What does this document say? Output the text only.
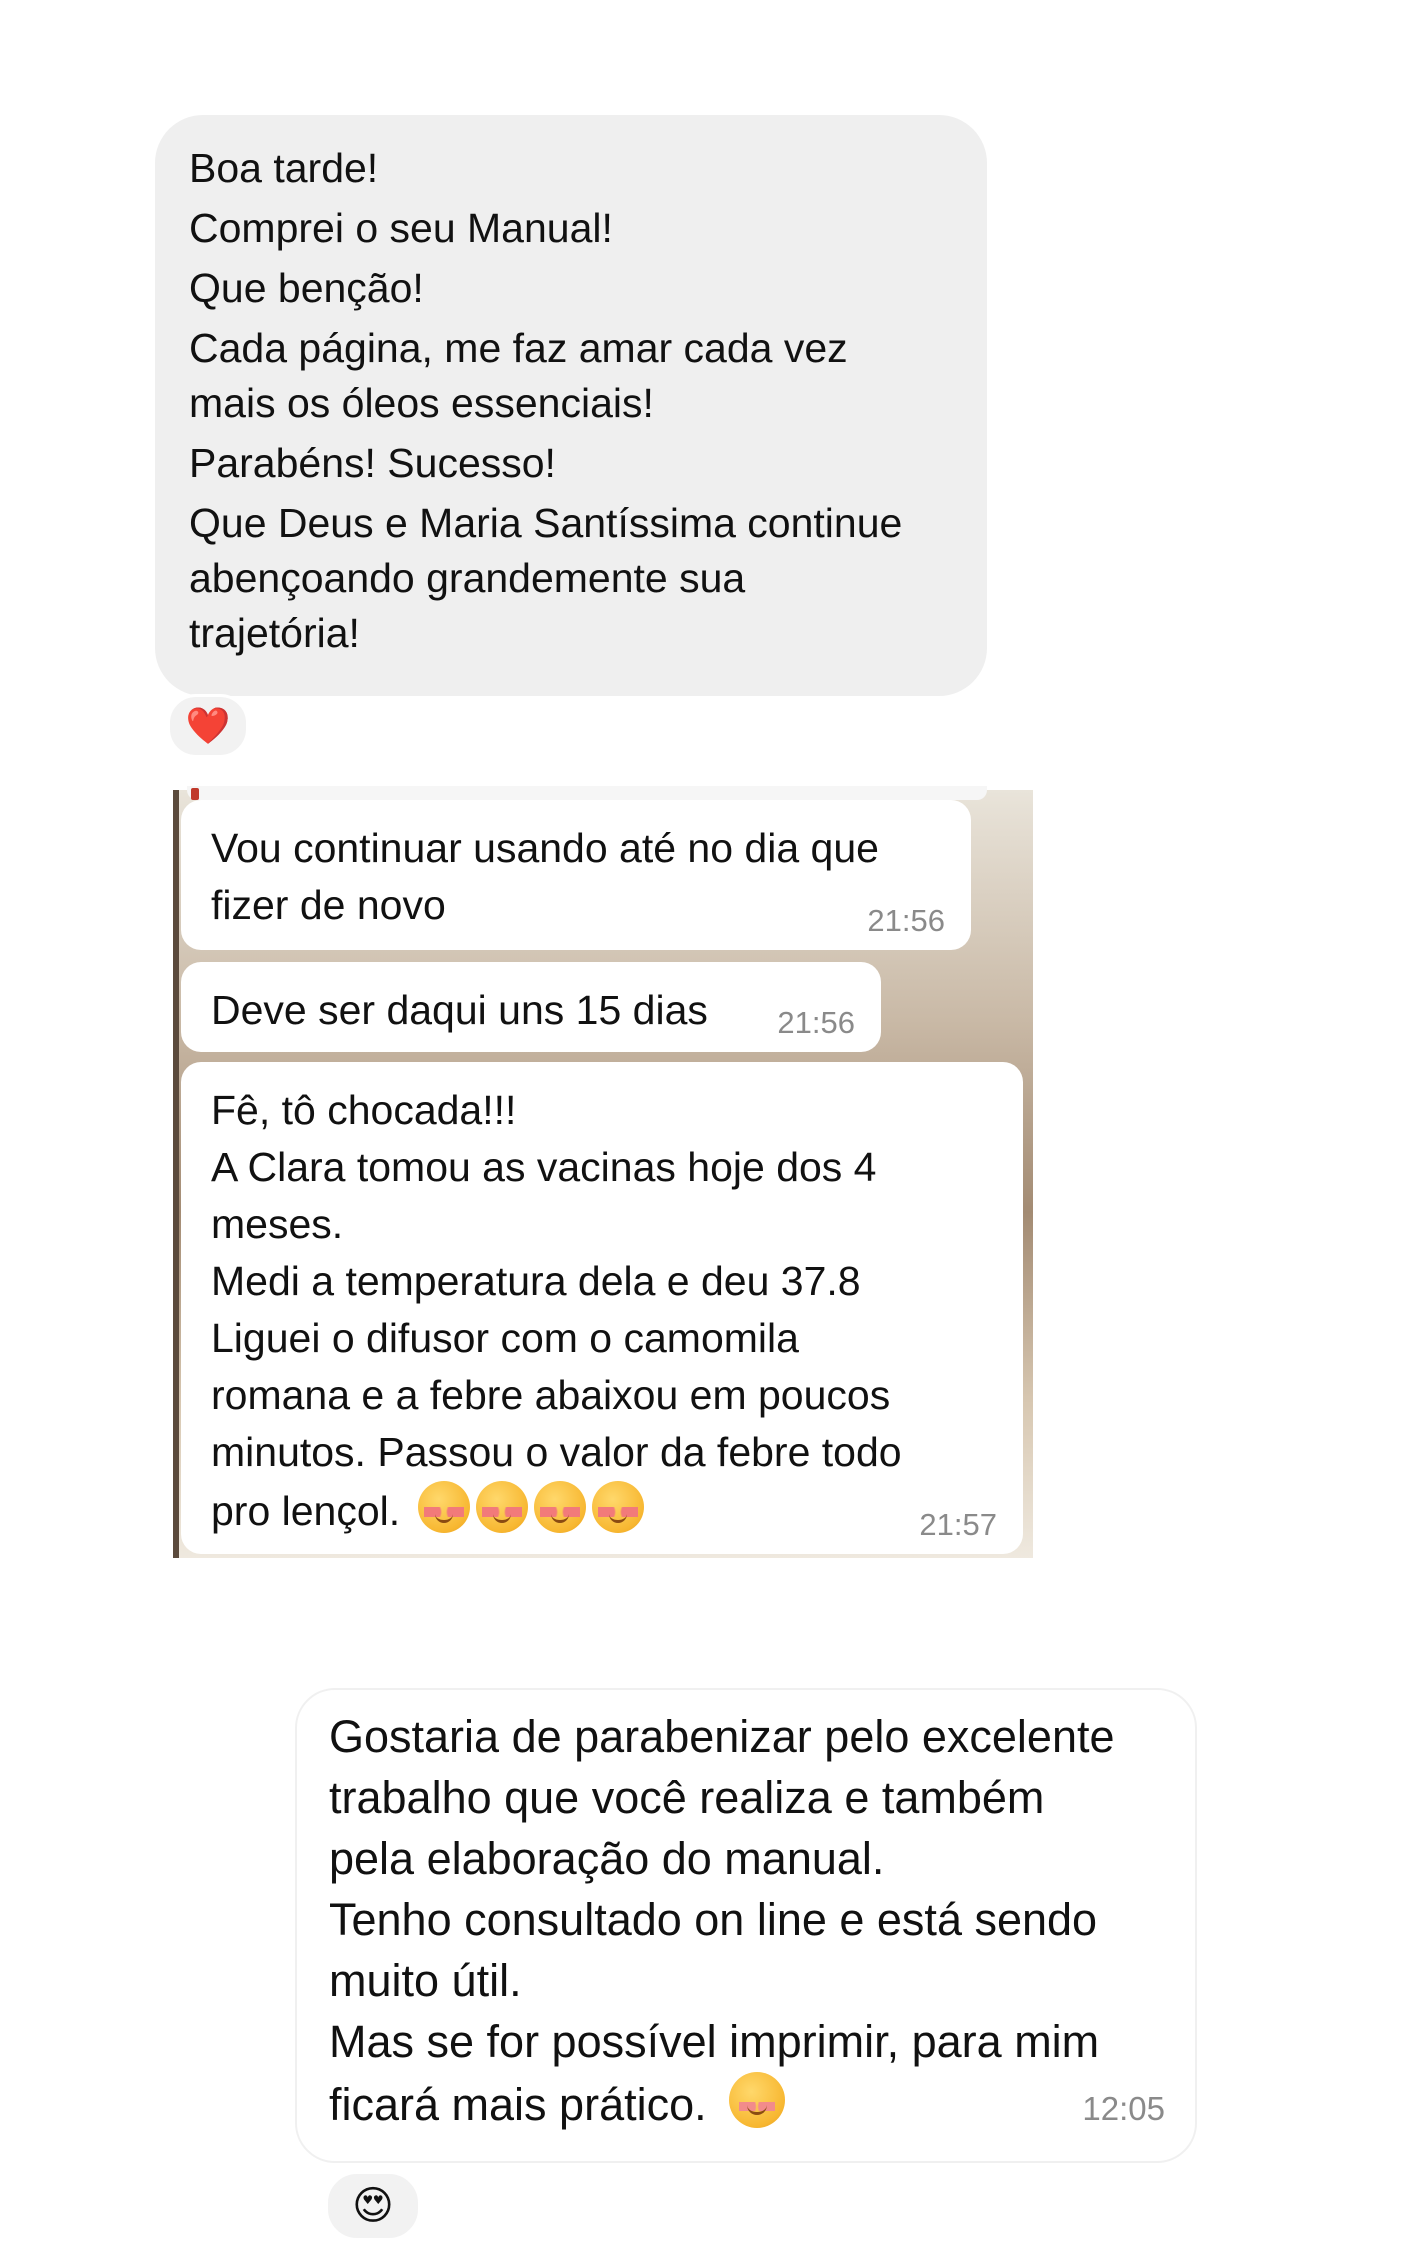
Boa tarde!
Comprei o seu Manual!
Que benção!
Cada página, me faz amar cada vez
mais os óleos essenciais!
Parabéns! Sucesso!
Que Deus e Maria Santíssima continue
abençoando grandemente sua
trajetória!
❤️
Vou continuar usando até no dia que
fizer de novo	21:56
Deve ser daqui uns 15 dias	21:56
Fê, tô chocada!!!
A Clara tomou as vacinas hoje dos 4
meses.
Medi a temperatura dela e deu 37.8
Liguei o difusor com o camomila
romana e a febre abaixou em poucos
minutos. Passou o valor da febre todo
pro lençol.	21:57
Gostaria de parabenizar pelo excelente
trabalho que você realiza e também
pela elaboração do manual.
Tenho consultado on line e está sendo
muito útil.
Mas se for possível imprimir, para mim
ficará mais prático.	12:05
😍
